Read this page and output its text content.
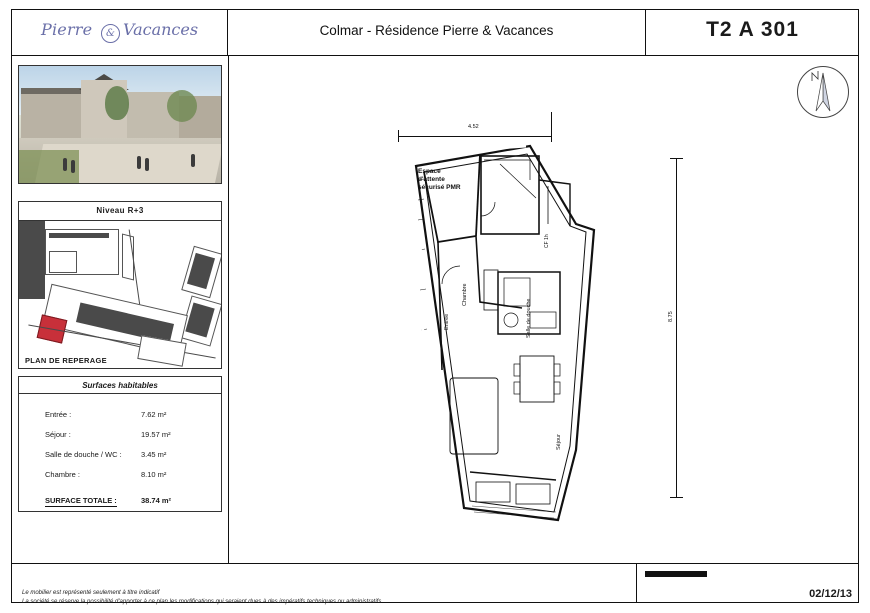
Pierre	& Vacances	Colmar - Résidence Pierre & Vacances	T2 A 301
Niveau R+3
PLAN DE REPERAGE
Surfaces habitables
Entrée :	7.62 m²
Séjour :	19.57 m²
Salle de douche / WC :	3.45 m²
Chambre :	8.10 m²
SURFACE TOTALE :	38.74 m²
Chambre
Séjour
Salle de douche
Entrée
CF 1h
Espace d'attente sécurisé PMR
4.52
8.75
Le mobilier est représenté seulement à titre indicatif
La société se réserve la possibilité d'apporter à ce plan les modifications qui seraient dues à des impératifs techniques ou administratifs
02/12/13
